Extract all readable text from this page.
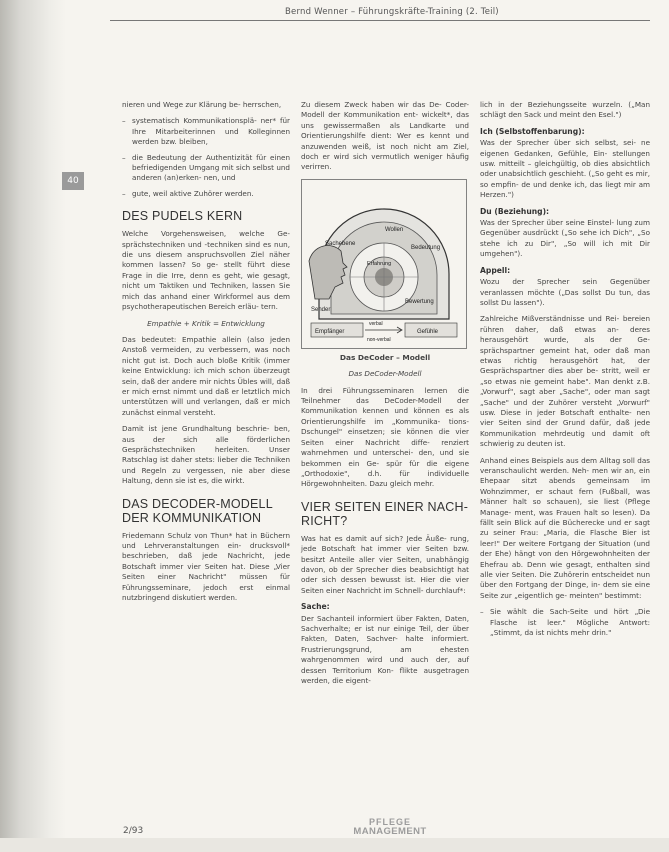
Bernd Wenner – Führungskräfte-Training (2. Teil)
40

nieren und Wege zur Klärung be- herrschen,

– systematisch Kommunikationsplä- ner* für Ihre Mitarbeiterinnen und Kolleginnen werden bzw. bleiben,
– die Bedeutung der Authentizität für einen befriedigenden Umgang mit sich selbst und anderen (an)erken- nen, und
– gute, weil aktive Zuhörer werden.
DES PUDELS KERN

Welche Vorgehensweisen, welche Ge- sprächstechniken und -techniken sind es nun, die uns diesem anspruchsvollen Ziel näher kommen lassen? So ge- stellt führt diese Frage in die Irre, denn es geht, wie gesagt, nicht um Taktiken und Techniken, lassen Sie mich das anhand einer Wirkformel aus dem psychotherapeutischen Bereich erläu- tern.

Empathie + Kritik = Entwicklung

Das bedeutet: Empathie allein (also jeden Anstoß vermeiden, zu verbessern, was noch nicht gut ist. Doch auch bloße Kritik (immer keine Entwicklung: ich mich schon überzeugt sein, daß der andere mir nichts Übles will, daß er mich ernst nimmt und daß er letztlich mich unterstützen will und verlangen, daß er mich zunächst einmal versteht.

Damit ist jene Grundhaltung beschrie- ben, aus der sich alle förderlichen Gesprächstechniken herleiten. Unser Ratschlag ist daher stets: lieber die Techniken und Regeln zu vergessen, nie aber diese Haltung, denn sie ist es, die wirkt.

DAS DECODER-MODELL DER KOMMUNIKATION

Friedemann Schulz von Thun* hat in Büchern und Lehrveranstaltungen ein- drucksvoll* beschrieben, daß jede Nachricht, jede Botschaft immer vier Seiten hat. Diese „Vier Seiten einer Nachricht" müssen für Führungsseminare, jedoch erst einmal nutzbringend diskutiert werden.

Zu diesem Zweck haben wir das De- Coder-Modell der Kommunikation ent- wickelt*, das uns gewissermaßen als Landkarte und Orientierungshilfe dient: Wer es kennt und anzuwenden weiß, ist noch nicht am Ziel, doch er wird sich vermutlich weniger häufig verirren.

Sachebene
Wollen
Bedeutung
Bewertung
Erfahrung
Sender
Empfänger	Gefühle
verbal
non-verbal

Das DeCoder – Modell

Das DeCoder-Modell

In drei Führungsseminaren lernen die Teilnehmer das DeCoder-Modell der Kommunikation kennen und können es als Orientierungshilfe im „Kommunika- tions-Dschungel" einsetzen; sie können die vier Seiten einer Nachricht diffe- renziert wahrnehmen und unterschei- den, und sie bekommen ein Ge- spür für die eigene „Orthodoxie", d.h. für individuelle Hörgewohnheiten. Dazu gleich mehr.

VIER SEITEN EINER NACH- RICHT?

Was hat es damit auf sich? Jede Äuße- rung, jede Botschaft hat immer vier Seiten bzw. besitzt Anteile aller vier Seiten, unabhängig davon, ob der Sprecher dies beabsichtigt hat oder sich dessen bewusst ist. Hier die vier Seiten einer Nachricht im Schnell- durchlauf*:

Sache:

Der Sachanteil informiert über Fakten, Daten, Sachverhalte; er ist nur einige Teil, der über Fakten, Daten, Sachver- halte informiert. Frustrierungsgrund, am ehesten wahrgenommen wird und auch der, auf dessen Territorium Kon- flikte ausgetragen werden, die eigent-

lich in der Beziehungsseite wurzeln. („Man schlägt den Sack und meint den Esel.")

Ich (Selbstoffenbarung):

Was der Sprecher über sich selbst, sei- ne eigenen Gedanken, Gefühle, Ein- stellungen usw. mitteilt – gleichgültig, ob dies absichtlich oder unabsichtlich geschieht. („So geht es mir, so empfin- de und denke ich, das liegt mir am Herzen.")

Du (Beziehung):

Was der Sprecher über seine Einstel- lung zum Gegenüber ausdrückt („So sehe ich Dich", „So stehe ich zu Dir", „So will ich mit Dir umgehen").

Appell:

Wozu der Sprecher sein Gegenüber veranlassen möchte („Das sollst Du tun, das sollst Du lassen").

Zahlreiche Mißverständnisse und Rei- bereien rühren daher, daß etwas an- deres herausgehört wurde, als der Ge- sprächspartner gemeint hat, oder daß man etwas richtig herausgehört hat, der Gesprächspartner dies aber be- stritt, weil er „so etwas nie gemeint habe". Man denkt z.B. „Vorwurf", sagt aber „Sache", oder man sagt „Sache" und der Zuhörer versteht „Vorwurf" usw. Diese in jeder Botschaft enthalte- nen vier Seiten sind der Grund dafür, daß jede Kommunikation mehrdeutig und damit oft schwierig zu deuten ist.

Anhand eines Beispiels aus dem Alltag soll das veranschaulicht werden. Neh- men wir an, ein Ehepaar sitzt abends gemeinsam im Wohnzimmer, er schaut fern (Fußball, was Männer halt so schauen), sie liest (Pflege Manage- ment, was Frauen halt so lesen). Da fällt sein Blick auf die Bücherecke und er sagt zu seiner Frau: „Maria, die Flasche Bier ist leer!" Der weitere Fortgang der Situation (und der Ehe) hängt von den Hörgewohnheiten der Ehefrau ab. Denn wie gesagt, enthalten sind alle vier Seiten. Die Zuhörerin entscheidet nun über den Fortgang der Dinge, in- dem sie eine Seite zur „eigentlich ge- meinten" bestimmt:

– Sie wählt die Sach-Seite und hört „Die Flasche ist leer." Mögliche Antwort: „Stimmt, da ist nichts mehr drin."
2/93
PFLEGE
MANAGEMENT
